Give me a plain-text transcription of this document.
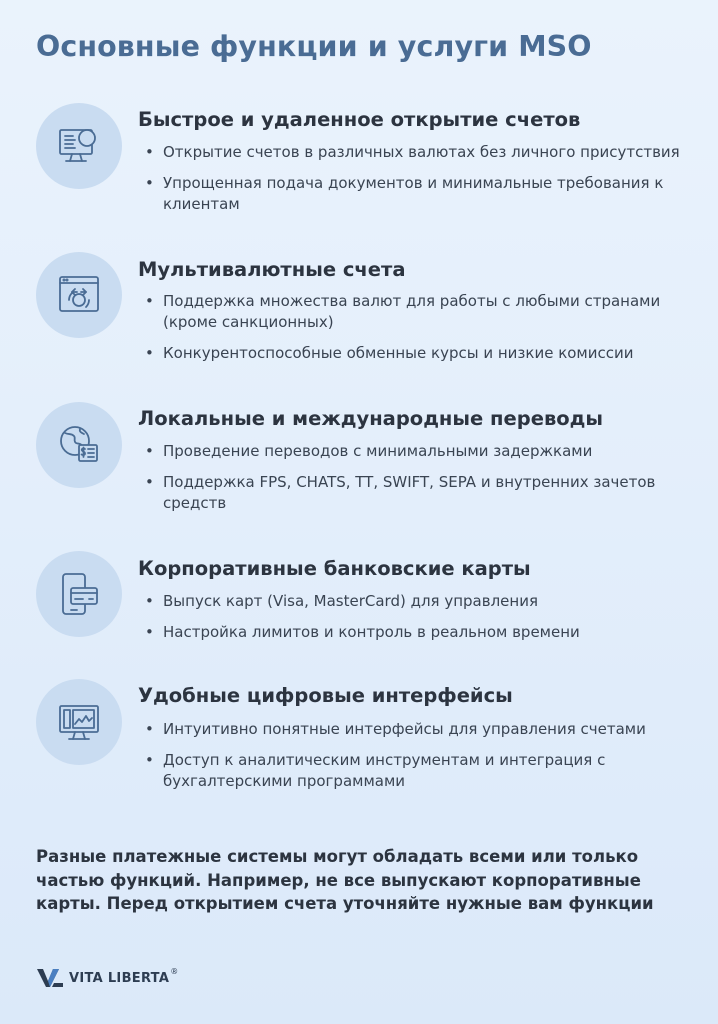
Основные функции и услуги MSO
Быстрое и удаленное открытие счетов
• Открытие счетов в различных валютах без личного присутствия
• Упрощенная подача документов и минимальные требования к клиентам
Мультивалютные счета
• Поддержка множества валют для работы с любыми странами (кроме санкционных)
• Конкурентоспособные обменные курсы и низкие комиссии
Локальные и международные переводы
• Проведение переводов с минимальными задержками
• Поддержка FPS, CHATS, TT, SWIFT, SEPA и внутренних зачетов средств
Корпоративные банковские карты
• Выпуск карт (Visa, MasterCard) для управления
• Настройка лимитов и контроль в реальном времени
Удобные цифровые интерфейсы
• Интуитивно понятные интерфейсы для управления счетами
• Доступ к аналитическим инструментам и интеграция с бухгалтерскими программами
Разные платежные системы могут обладать всеми или только частью функций. Например, не все выпускают корпоративные карты. Перед открытием счета уточняйте нужные вам функции
VITA LIBERTA ®
